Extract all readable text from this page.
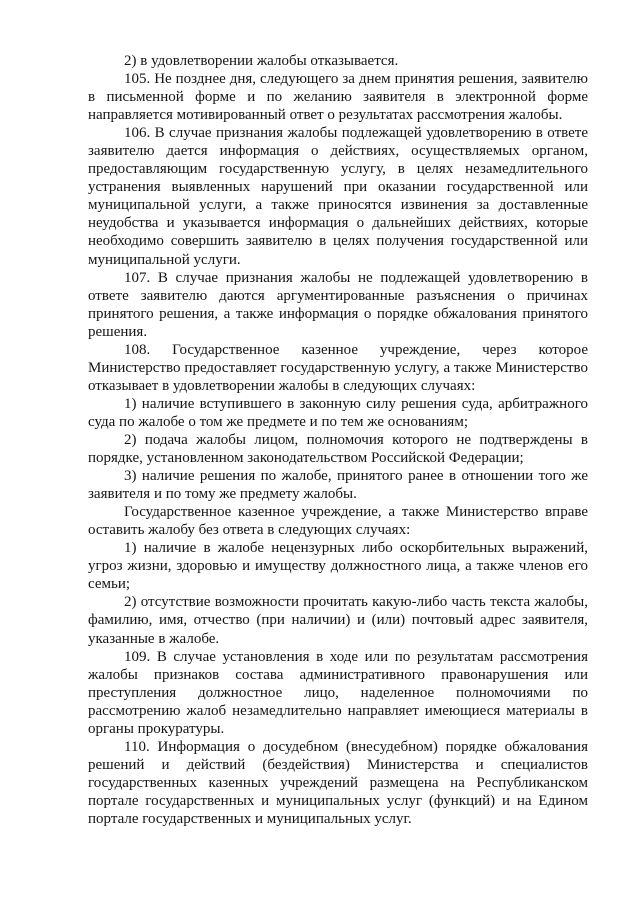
2) в удовлетворении жалобы отказывается.

105. Не позднее дня, следующего за днем принятия решения, заявителю в письменной форме и по желанию заявителя в электронной форме направляется мотивированный ответ о результатах рассмотрения жалобы.

106. В случае признания жалобы подлежащей удовлетворению в ответе заявителю дается информация о действиях, осуществляемых органом, предоставляющим государственную услугу, в целях незамедлительного устранения выявленных нарушений при оказании государственной или муниципальной услуги, а также приносятся извинения за доставленные неудобства и указывается информация о дальнейших действиях, которые необходимо совершить заявителю в целях получения государственной или муниципальной услуги.

107. В случае признания жалобы не подлежащей удовлетворению в ответе заявителю даются аргументированные разъяснения о причинах принятого решения, а также информация о порядке обжалования принятого решения.

108. Государственное казенное учреждение, через которое Министерство предоставляет государственную услугу, а также Министерство отказывает в удовлетворении жалобы в следующих случаях:

1) наличие вступившего в законную силу решения суда, арбитражного суда по жалобе о том же предмете и по тем же основаниям;

2) подача жалобы лицом, полномочия которого не подтверждены в порядке, установленном законодательством Российской Федерации;

3) наличие решения по жалобе, принятого ранее в отношении того же заявителя и по тому же предмету жалобы.

Государственное казенное учреждение, а также Министерство вправе оставить жалобу без ответа в следующих случаях:

1) наличие в жалобе нецензурных либо оскорбительных выражений, угроз жизни, здоровью и имуществу должностного лица, а также членов его семьи;

2) отсутствие возможности прочитать какую-либо часть текста жалобы, фамилию, имя, отчество (при наличии) и (или) почтовый адрес заявителя, указанные в жалобе.

109. В случае установления в ходе или по результатам рассмотрения жалобы признаков состава административного правонарушения или преступления должностное лицо, наделенное полномочиями по рассмотрению жалоб незамедлительно направляет имеющиеся материалы в органы прокуратуры.

110. Информация о досудебном (внесудебном) порядке обжалования решений и действий (бездействия) Министерства и специалистов государственных казенных учреждений размещена на Республиканском портале государственных и муниципальных услуг (функций) и на Едином портале государственных и муниципальных услуг.
